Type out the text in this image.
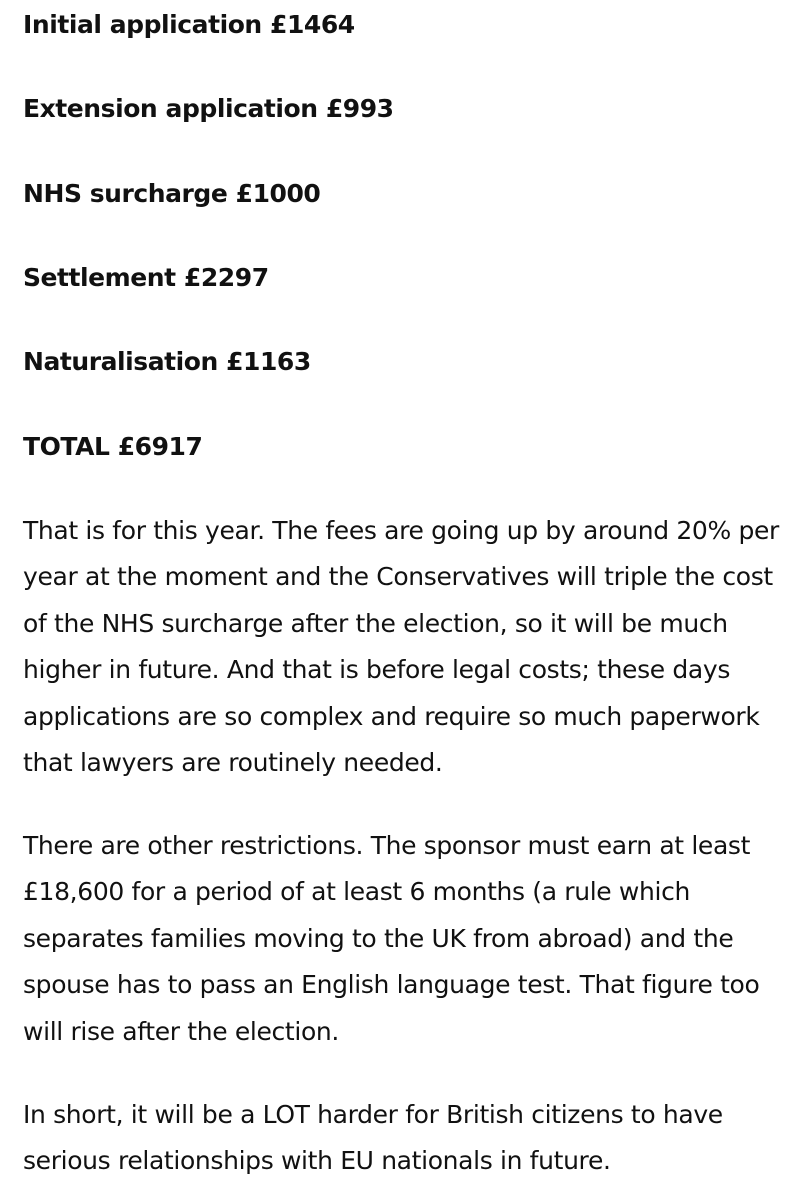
Initial application £1464

Extension application £993

NHS surcharge £1000

Settlement £2297

Naturalisation £1163

TOTAL £6917

That is for this year. The fees are going up by around 20% per
year at the moment and the Conservatives will triple the cost
of the NHS surcharge after the election, so it will be much
higher in future. And that is before legal costs; these days
applications are so complex and require so much paperwork
that lawyers are routinely needed.

There are other restrictions. The sponsor must earn at least
£18,600 for a period of at least 6 months (a rule which
separates families moving to the UK from abroad) and the
spouse has to pass an English language test. That figure too
will rise after the election.

In short, it will be a LOT harder for British citizens to have
serious relationships with EU nationals in future.
